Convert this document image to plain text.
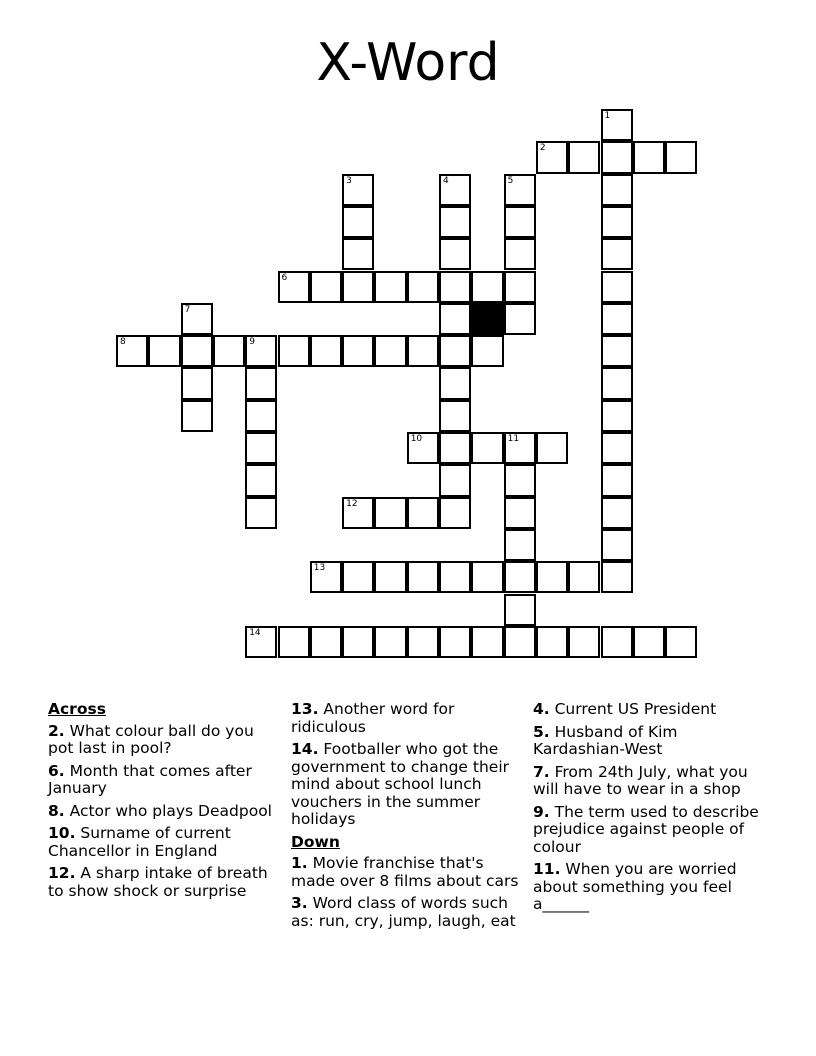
X-Word
1
2
3	4	5
6
7
8	9
10	11
12
13
14
Across
2. What colour ball do you pot last in pool?
6. Month that comes after January
8. Actor who plays Deadpool
10. Surname of current Chancellor in England
12. A sharp intake of breath to show shock or surprise
13. Another word for ridiculous
14. Footballer who got the government to change their mind about school lunch vouchers in the summer holidays
Down
1. Movie franchise that's made over 8 films about cars
3. Word class of words such as: run, cry, jump, laugh, eat
4. Current US President
5. Husband of Kim Kardashian-West
7. From 24th July, what you will have to wear in a shop
9. The term used to describe prejudice against people of colour
11. When you are worried about something you feel a______
